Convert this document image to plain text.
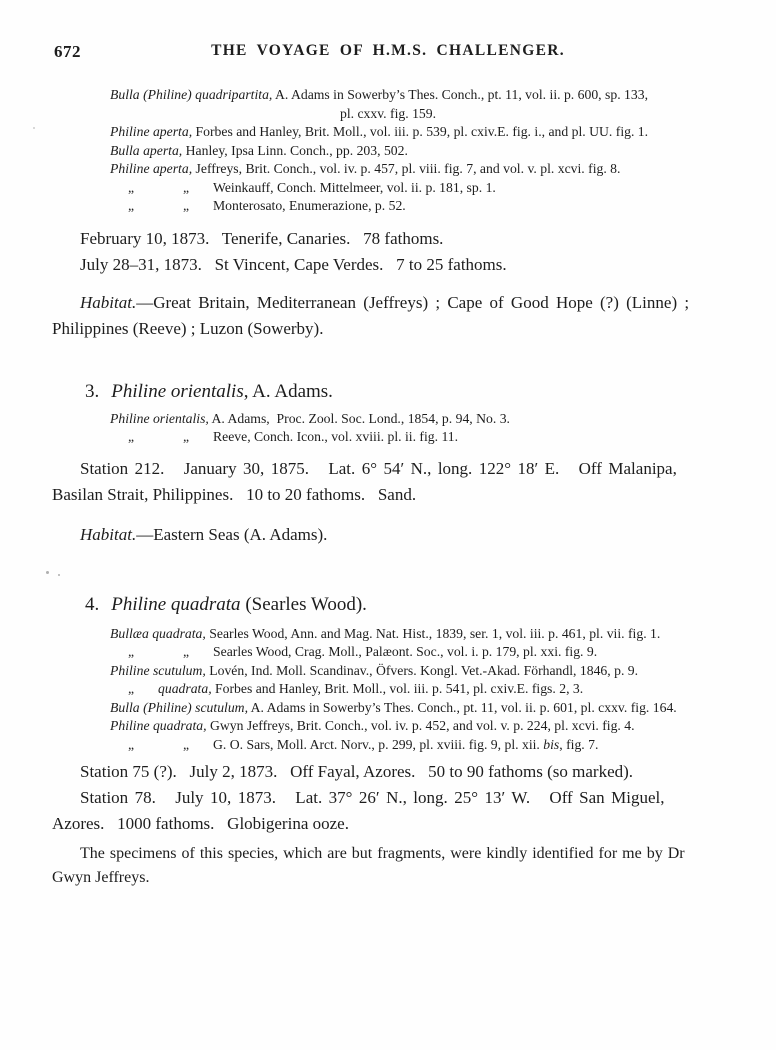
672	THE VOYAGE OF H.M.S. CHALLENGER.
Bulla (Philine) quadripartita, A. Adams in Sowerby’s Thes. Conch., pt. 11, vol. ii. p. 600, sp. 133,
pl. cxxv. fig. 159.
Philine aperta, Forbes and Hanley, Brit. Moll., vol. iii. p. 539, pl. cxiv.E. fig. i., and pl. UU. fig. 1.
Bulla aperta, Hanley, Ipsa Linn. Conch., pp. 203, 502.
Philine aperta, Jeffreys, Brit. Conch., vol. iv. p. 457, pl. viii. fig. 7, and vol. v. pl. xcvi. fig. 8.
„	„ Weinkauff, Conch. Mittelmeer, vol. ii. p. 181, sp. 1.
„	„ Monterosato, Enumerazione, p. 52.
February 10, 1873.   Tenerife, Canaries.   78 fathoms.
July 28–31, 1873.   St Vincent, Cape Verdes.   7 to 25 fathoms.
Habitat.—Great Britain, Mediterranean (Jeffreys) ; Cape of Good Hope (?) (Linne) ;
Philippines (Reeve) ; Luzon (Sowerby).
3. Philine orientalis, A. Adams.
Philine orientalis, A. Adams,  Proc. Zool. Soc. Lond., 1854, p. 94, No. 3.
„	„ Reeve, Conch. Icon., vol. xviii. pl. ii. fig. 11.
Station 212.   January 30, 1875.   Lat. 6° 54′ N., long. 122° 18′ E.   Off Malanipa,
Basilan Strait, Philippines.   10 to 20 fathoms.   Sand.
Habitat.—Eastern Seas (A. Adams).
4. Philine quadrata (Searles Wood).
Bullæa quadrata, Searles Wood, Ann. and Mag. Nat. Hist., 1839, ser. 1, vol. iii. p. 461, pl. vii. fig. 1.
„	„ Searles Wood, Crag. Moll., Palæont. Soc., vol. i. p. 179, pl. xxi. fig. 9.
Philine scutulum, Lovén, Ind. Moll. Scandinav., Öfvers. Kongl. Vet.-Akad. Förhandl, 1846, p. 9.
„ quadrata, Forbes and Hanley, Brit. Moll., vol. iii. p. 541, pl. cxiv.E. figs. 2, 3.
Bulla (Philine) scutulum, A. Adams in Sowerby’s Thes. Conch., pt. 11, vol. ii. p. 601, pl. cxxv. fig. 164.
Philine quadrata, Gwyn Jeffreys, Brit. Conch., vol. iv. p. 452, and vol. v. p. 224, pl. xcvi. fig. 4.
„	„ G. O. Sars, Moll. Arct. Norv., p. 299, pl. xviii. fig. 9, pl. xii. bis, fig. 7.
Station 75 (?).   July 2, 1873.   Off Fayal, Azores.   50 to 90 fathoms (so marked).
Station 78.   July 10, 1873.   Lat. 37° 26′ N., long. 25° 13′ W.   Off San Miguel,
Azores.   1000 fathoms.   Globigerina ooze.
The specimens of this species, which are but fragments, were kindly identified for me by Dr
Gwyn Jeffreys.
